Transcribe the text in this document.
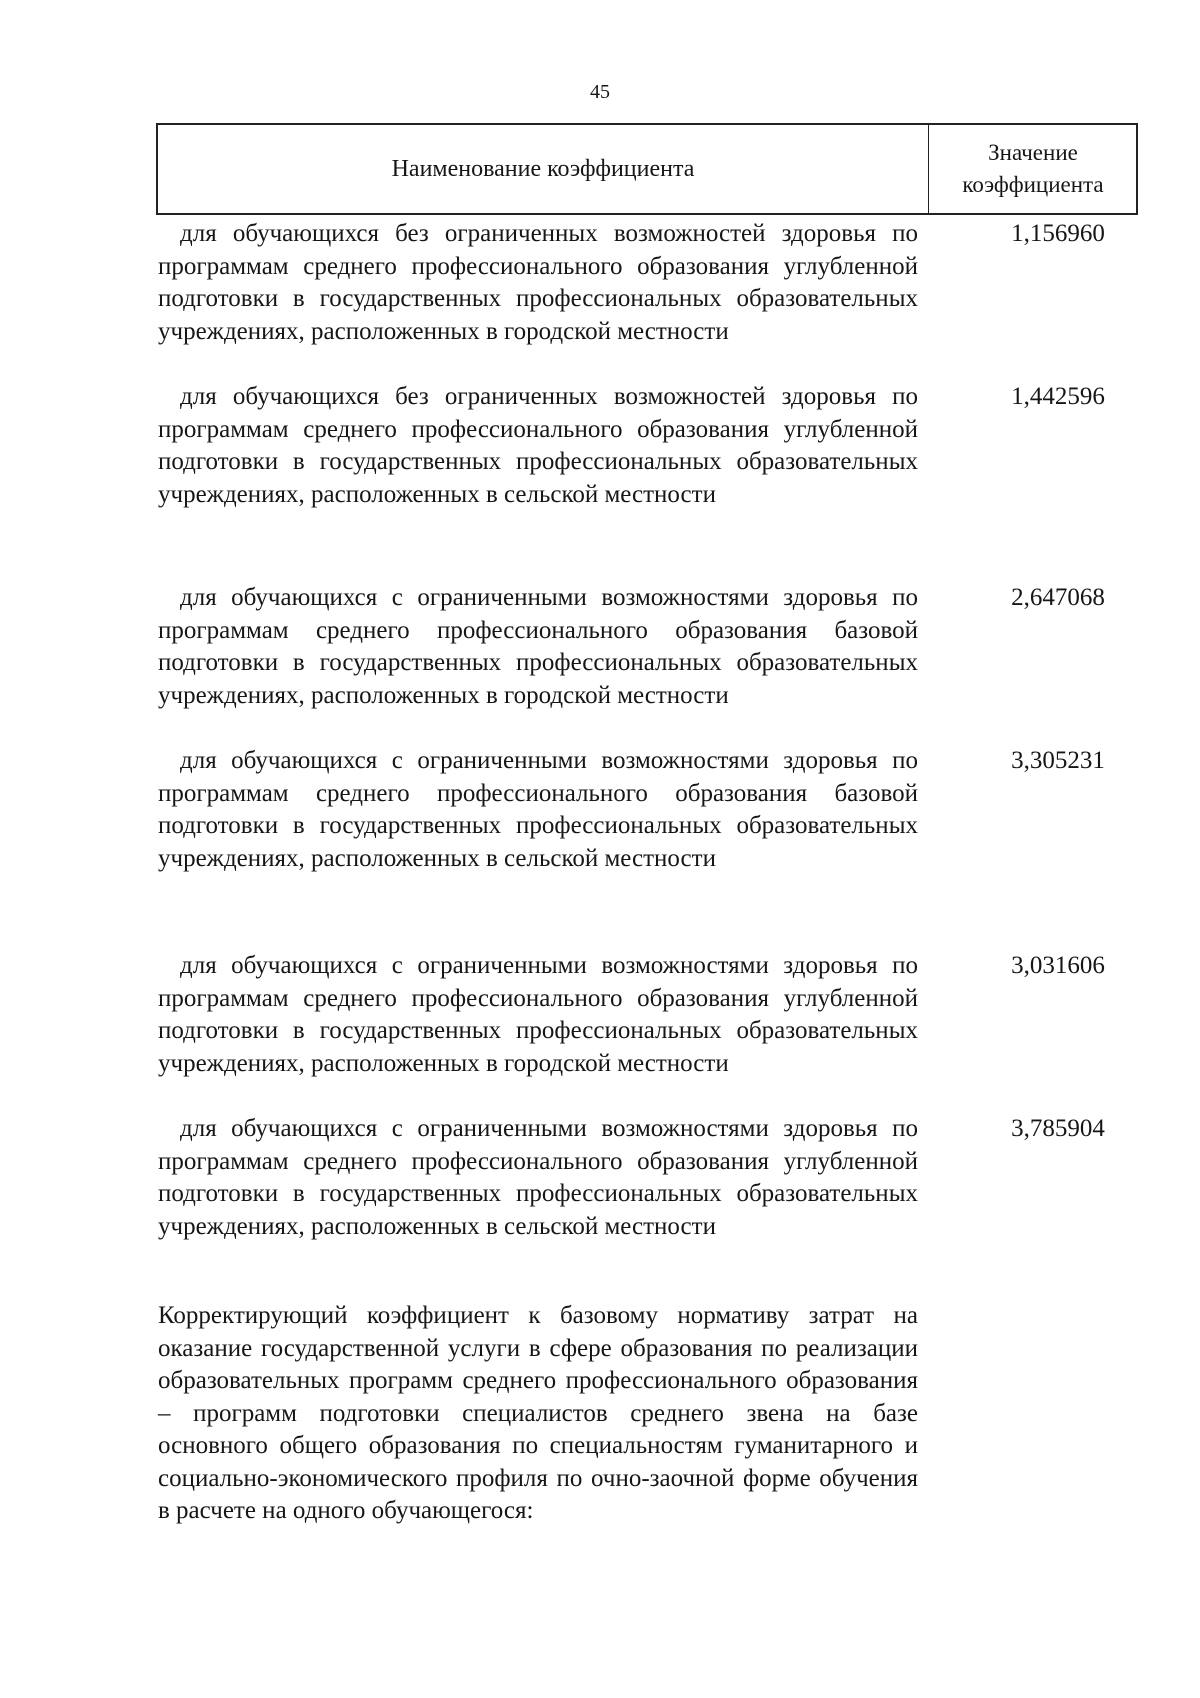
45
Наименование коэффициента
Значение
коэффициента
для обучающихся без ограниченных возможностей здоровья по программам среднего профессионального образования углубленной подготовки в государственных профессиональных образовательных учреждениях, расположенных в городской местности
1,156960
для обучающихся без ограниченных возможностей здоровья по программам среднего профессионального образования углубленной подготовки в государственных профессиональных образовательных учреждениях, расположенных в сельской местности
1,442596
для обучающихся с ограниченными возможностями здоровья по программам среднего профессионального образования базовой подготовки в государственных профессиональных образовательных учреждениях, расположенных в городской местности
2,647068
для обучающихся с ограниченными возможностями здоровья по программам среднего профессионального образования базовой подготовки в государственных профессиональных образовательных учреждениях, расположенных в сельской местности
3,305231
для обучающихся с ограниченными возможностями здоровья по программам среднего профессионального образования углубленной подготовки в государственных профессиональных образовательных учреждениях, расположенных в городской местности
3,031606
для обучающихся с ограниченными возможностями здоровья по программам среднего профессионального образования углубленной подготовки в государственных профессиональных образовательных учреждениях, расположенных в сельской местности
3,785904
Корректирующий коэффициент к базовому нормативу затрат на оказание государственной услуги в сфере образования по реализации образовательных программ среднего профессионального образования – программ подготовки специалистов среднего звена на базе основного общего образования по специальностям гуманитарного и социально-экономического профиля по очно-заочной форме обучения в расчете на одного обучающегося:
